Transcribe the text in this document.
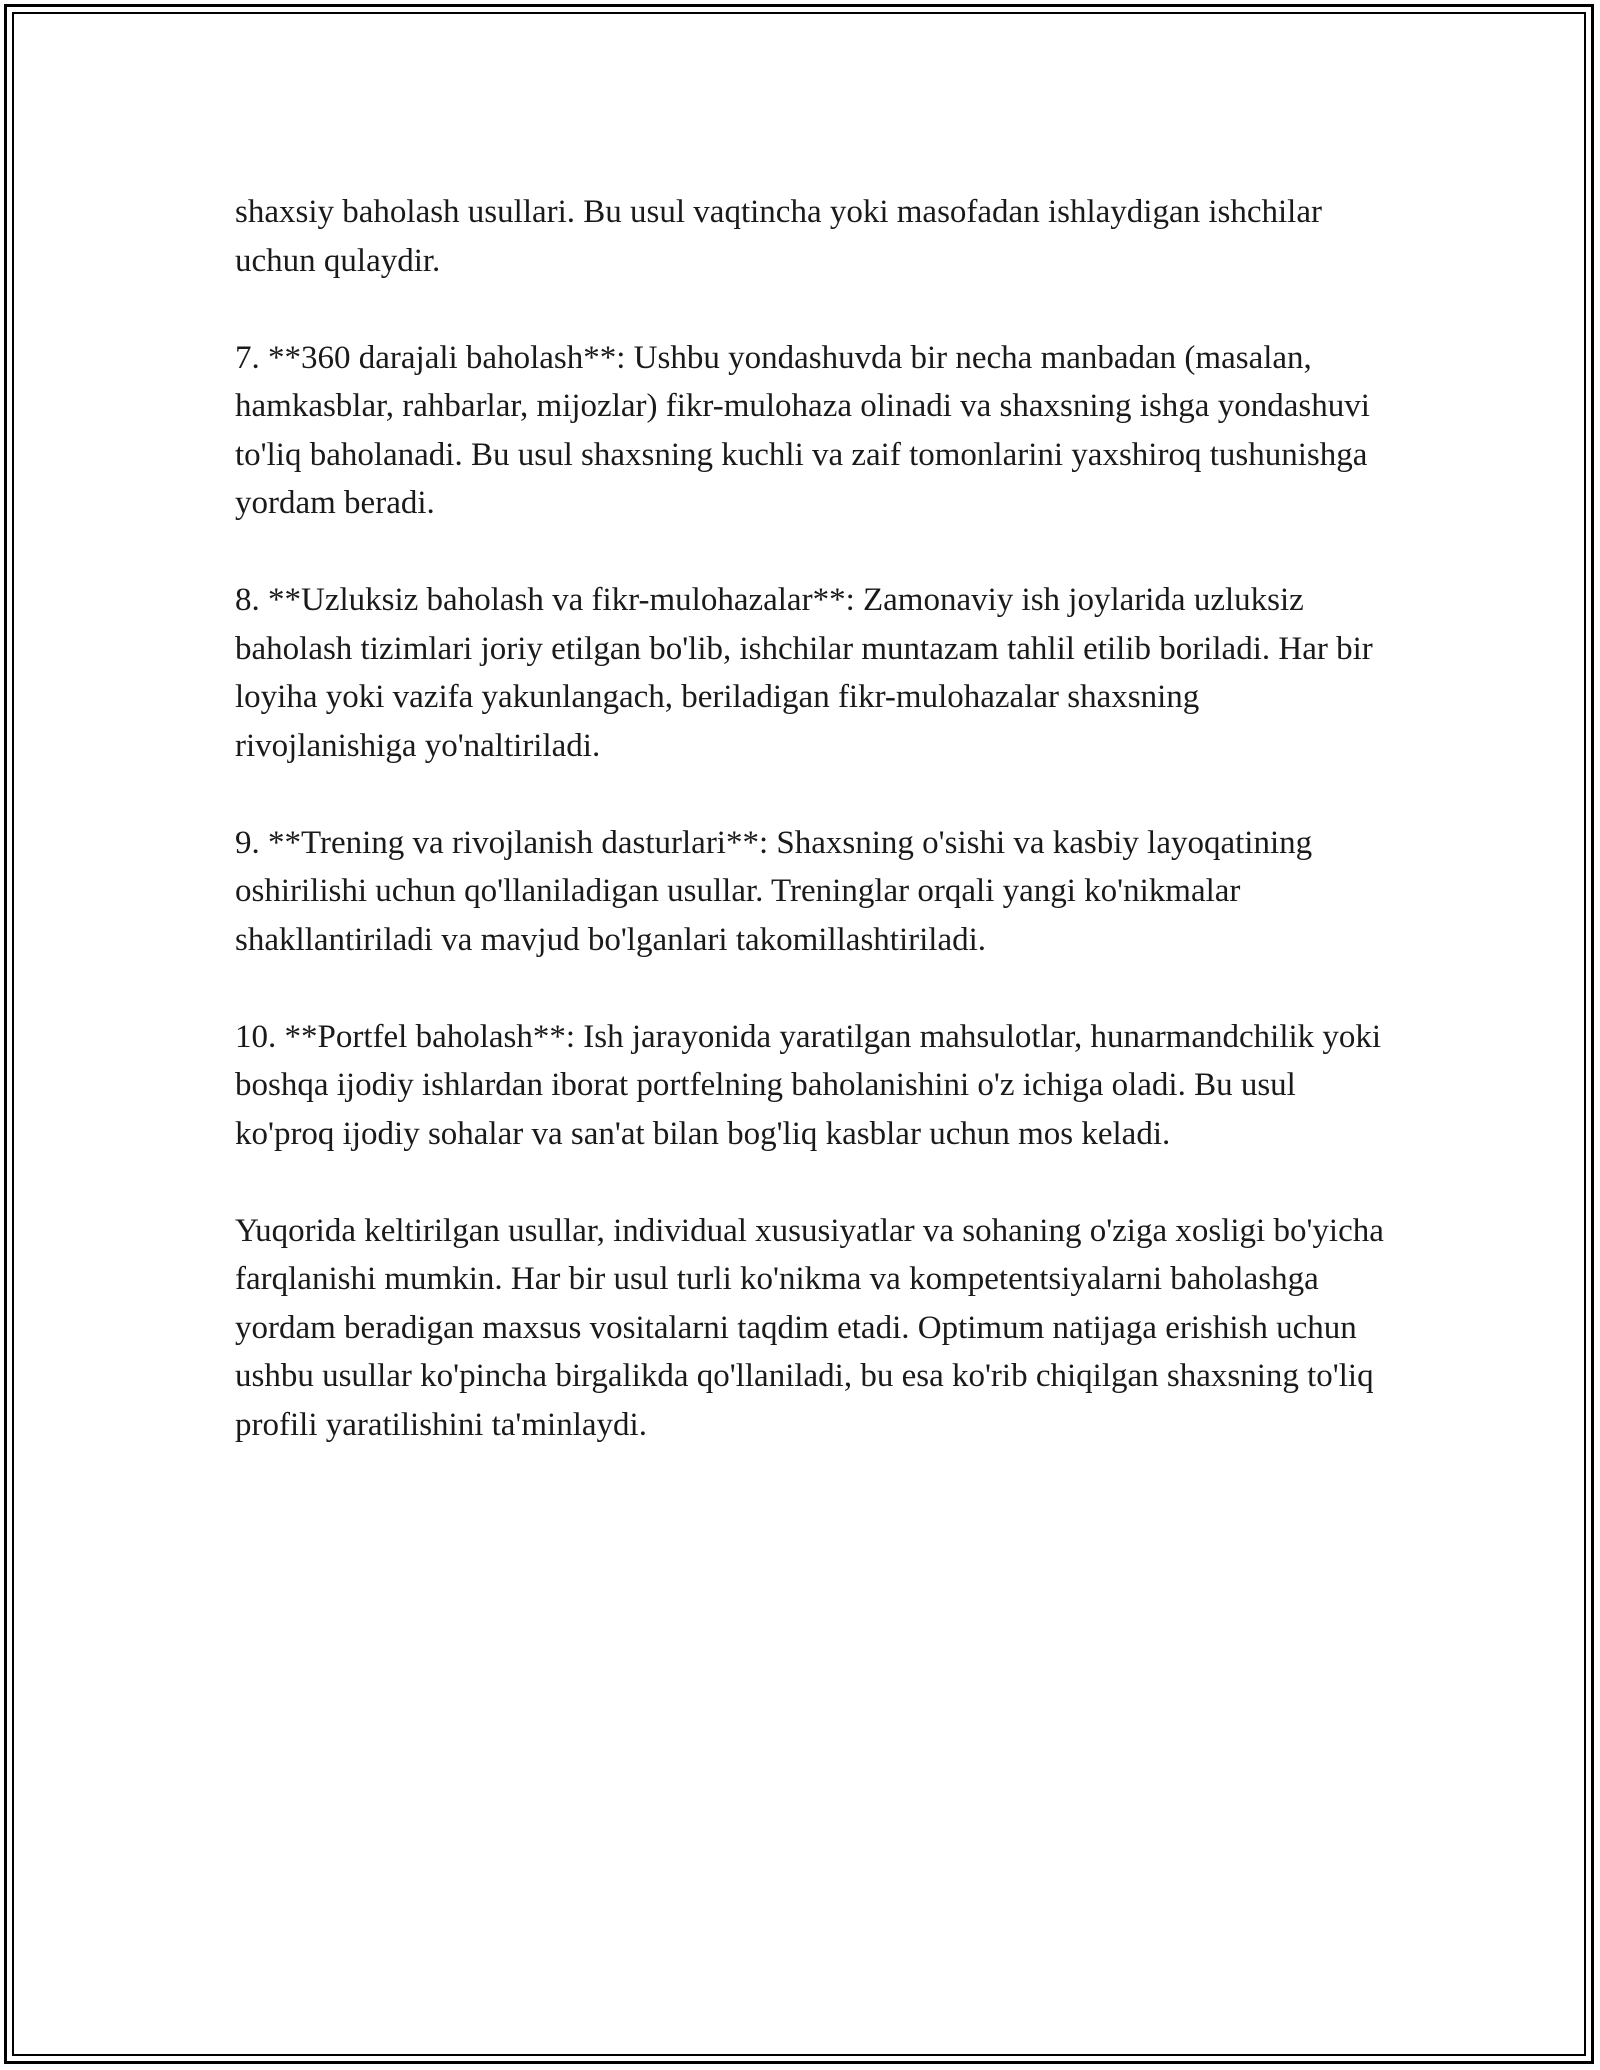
shaxsiy baholash usullari. Bu usul vaqtincha yoki masofadan ishlaydigan ishchilar uchun qulaydir.

7. **360 darajali baholash**: Ushbu yondashuvda bir necha manbadan (masalan, hamkasblar, rahbarlar, mijozlar) fikr-mulohaza olinadi va shaxsning ishga yondashuvi to'liq baholanadi. Bu usul shaxsning kuchli va zaif tomonlarini yaxshiroq tushunishga yordam beradi.

8. **Uzluksiz baholash va fikr-mulohazalar**: Zamonaviy ish joylarida uzluksiz baholash tizimlari joriy etilgan bo'lib, ishchilar muntazam tahlil etilib boriladi. Har bir loyiha yoki vazifa yakunlangach, beriladigan fikr-mulohazalar shaxsning rivojlanishiga yo'naltiriladi.

9. **Trening va rivojlanish dasturlari**: Shaxsning o'sishi va kasbiy layoqatining oshirilishi uchun qo'llaniladigan usullar. Treninglar orqali yangi ko'nikmalar shakllantiriladi va mavjud bo'lganlari takomillashtiriladi.

10. **Portfel baholash**: Ish jarayonida yaratilgan mahsulotlar, hunarmandchilik yoki boshqa ijodiy ishlardan iborat portfelning baholanishini o'z ichiga oladi. Bu usul ko'proq ijodiy sohalar va san'at bilan bog'liq kasblar uchun mos keladi.

Yuqorida keltirilgan usullar, individual xususiyatlar va sohaning o'ziga xosligi bo'yicha farqlanishi mumkin. Har bir usul turli ko'nikma va kompetentsiyalarni baholashga yordam beradigan maxsus vositalarni taqdim etadi. Optimum natijaga erishish uchun ushbu usullar ko'pincha birgalikda qo'llaniladi, bu esa ko'rib chiqilgan shaxsning to'liq profili yaratilishini ta'minlaydi.
